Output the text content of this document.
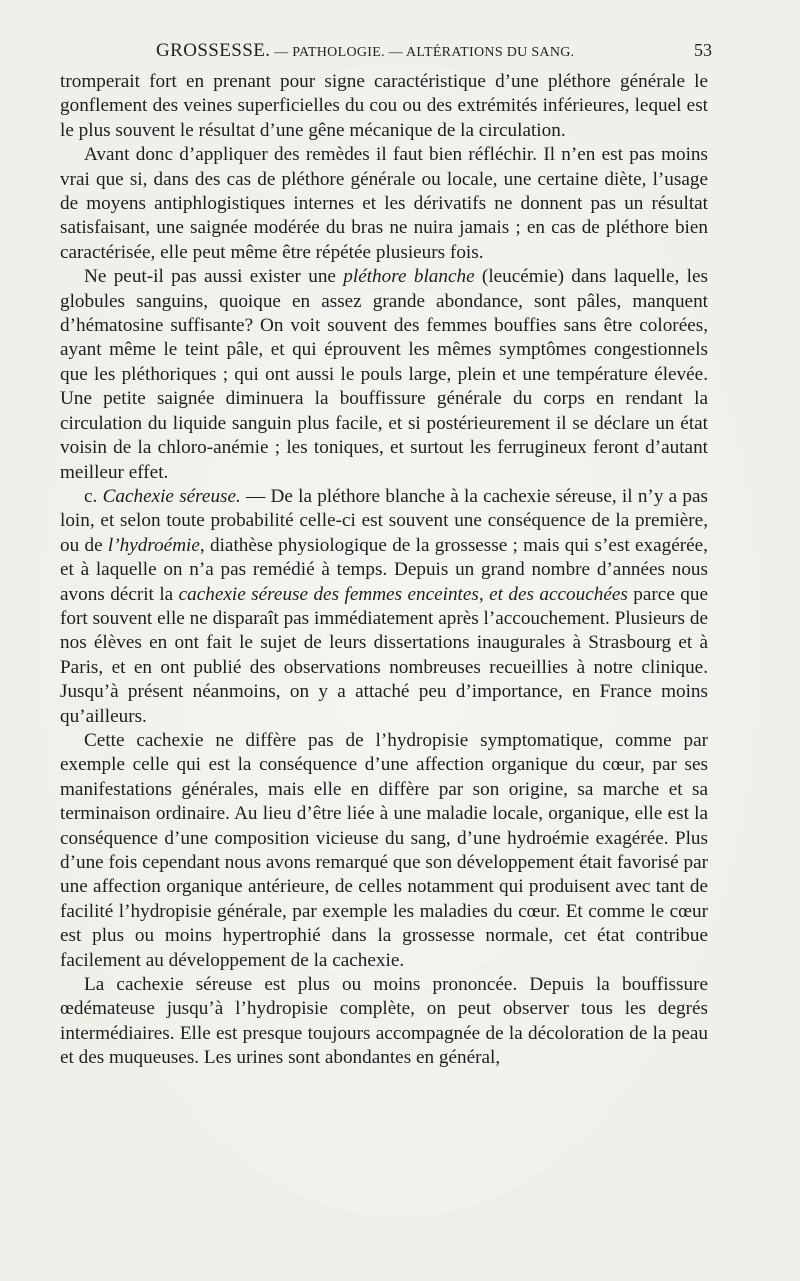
GROSSESSE. — PATHOLOGIE. — ALTÉRATIONS DU SANG.	53

tromperait fort en prenant pour signe caractéristique d’une pléthore générale le gonflement des veines superficielles du cou ou des extrémités inférieures, lequel est le plus souvent le résultat d’une gêne mécanique de la circulation.

Avant donc d’appliquer des remèdes il faut bien réfléchir. Il n’en est pas moins vrai que si, dans des cas de pléthore générale ou locale, une certaine diète, l’usage de moyens antiphlogistiques internes et les dérivatifs ne donnent pas un résultat satisfaisant, une saignée modérée du bras ne nuira jamais ; en cas de pléthore bien caractérisée, elle peut même être répétée plusieurs fois.

Ne peut-il pas aussi exister une pléthore blanche (leucémie) dans laquelle, les globules sanguins, quoique en assez grande abondance, sont pâles, manquent d’hématosine suffisante? On voit souvent des femmes bouffies sans être colorées, ayant même le teint pâle, et qui éprouvent les mêmes symptômes congestionnels que les pléthoriques ; qui ont aussi le pouls large, plein et une température élevée. Une petite saignée diminuera la bouffissure générale du corps en rendant la circulation du liquide sanguin plus facile, et si postérieurement il se déclare un état voisin de la chloro-anémie ; les toniques, et surtout les ferrugineux feront d’autant meilleur effet.

c. Cachexie séreuse. — De la pléthore blanche à la cachexie séreuse, il n’y a pas loin, et selon toute probabilité celle-ci est souvent une conséquence de la première, ou de l’hydroémie, diathèse physiologique de la grossesse ; mais qui s’est exagérée, et à laquelle on n’a pas remédié à temps. Depuis un grand nombre d’années nous avons décrit la cachexie séreuse des femmes enceintes, et des accouchées parce que fort souvent elle ne disparaît pas immédiatement après l’accouchement. Plusieurs de nos élèves en ont fait le sujet de leurs dissertations inaugurales à Strasbourg et à Paris, et en ont publié des observations nombreuses recueillies à notre clinique. Jusqu’à présent néanmoins, on y a attaché peu d’importance, en France moins qu’ailleurs.

Cette cachexie ne diffère pas de l’hydropisie symptomatique, comme par exemple celle qui est la conséquence d’une affection organique du cœur, par ses manifestations générales, mais elle en diffère par son origine, sa marche et sa terminaison ordinaire. Au lieu d’être liée à une maladie locale, organique, elle est la conséquence d’une composition vicieuse du sang, d’une hydroémie exagérée. Plus d’une fois cependant nous avons remarqué que son développement était favorisé par une affection organique antérieure, de celles notamment qui produisent avec tant de facilité l’hydropisie générale, par exemple les maladies du cœur. Et comme le cœur est plus ou moins hypertrophié dans la grossesse normale, cet état contribue facilement au développement de la cachexie.

La cachexie séreuse est plus ou moins prononcée. Depuis la bouffissure œdémateuse jusqu’à l’hydropisie complète, on peut observer tous les degrés intermédiaires. Elle est presque toujours accompagnée de la décoloration de la peau et des muqueuses. Les urines sont abondantes en général,
